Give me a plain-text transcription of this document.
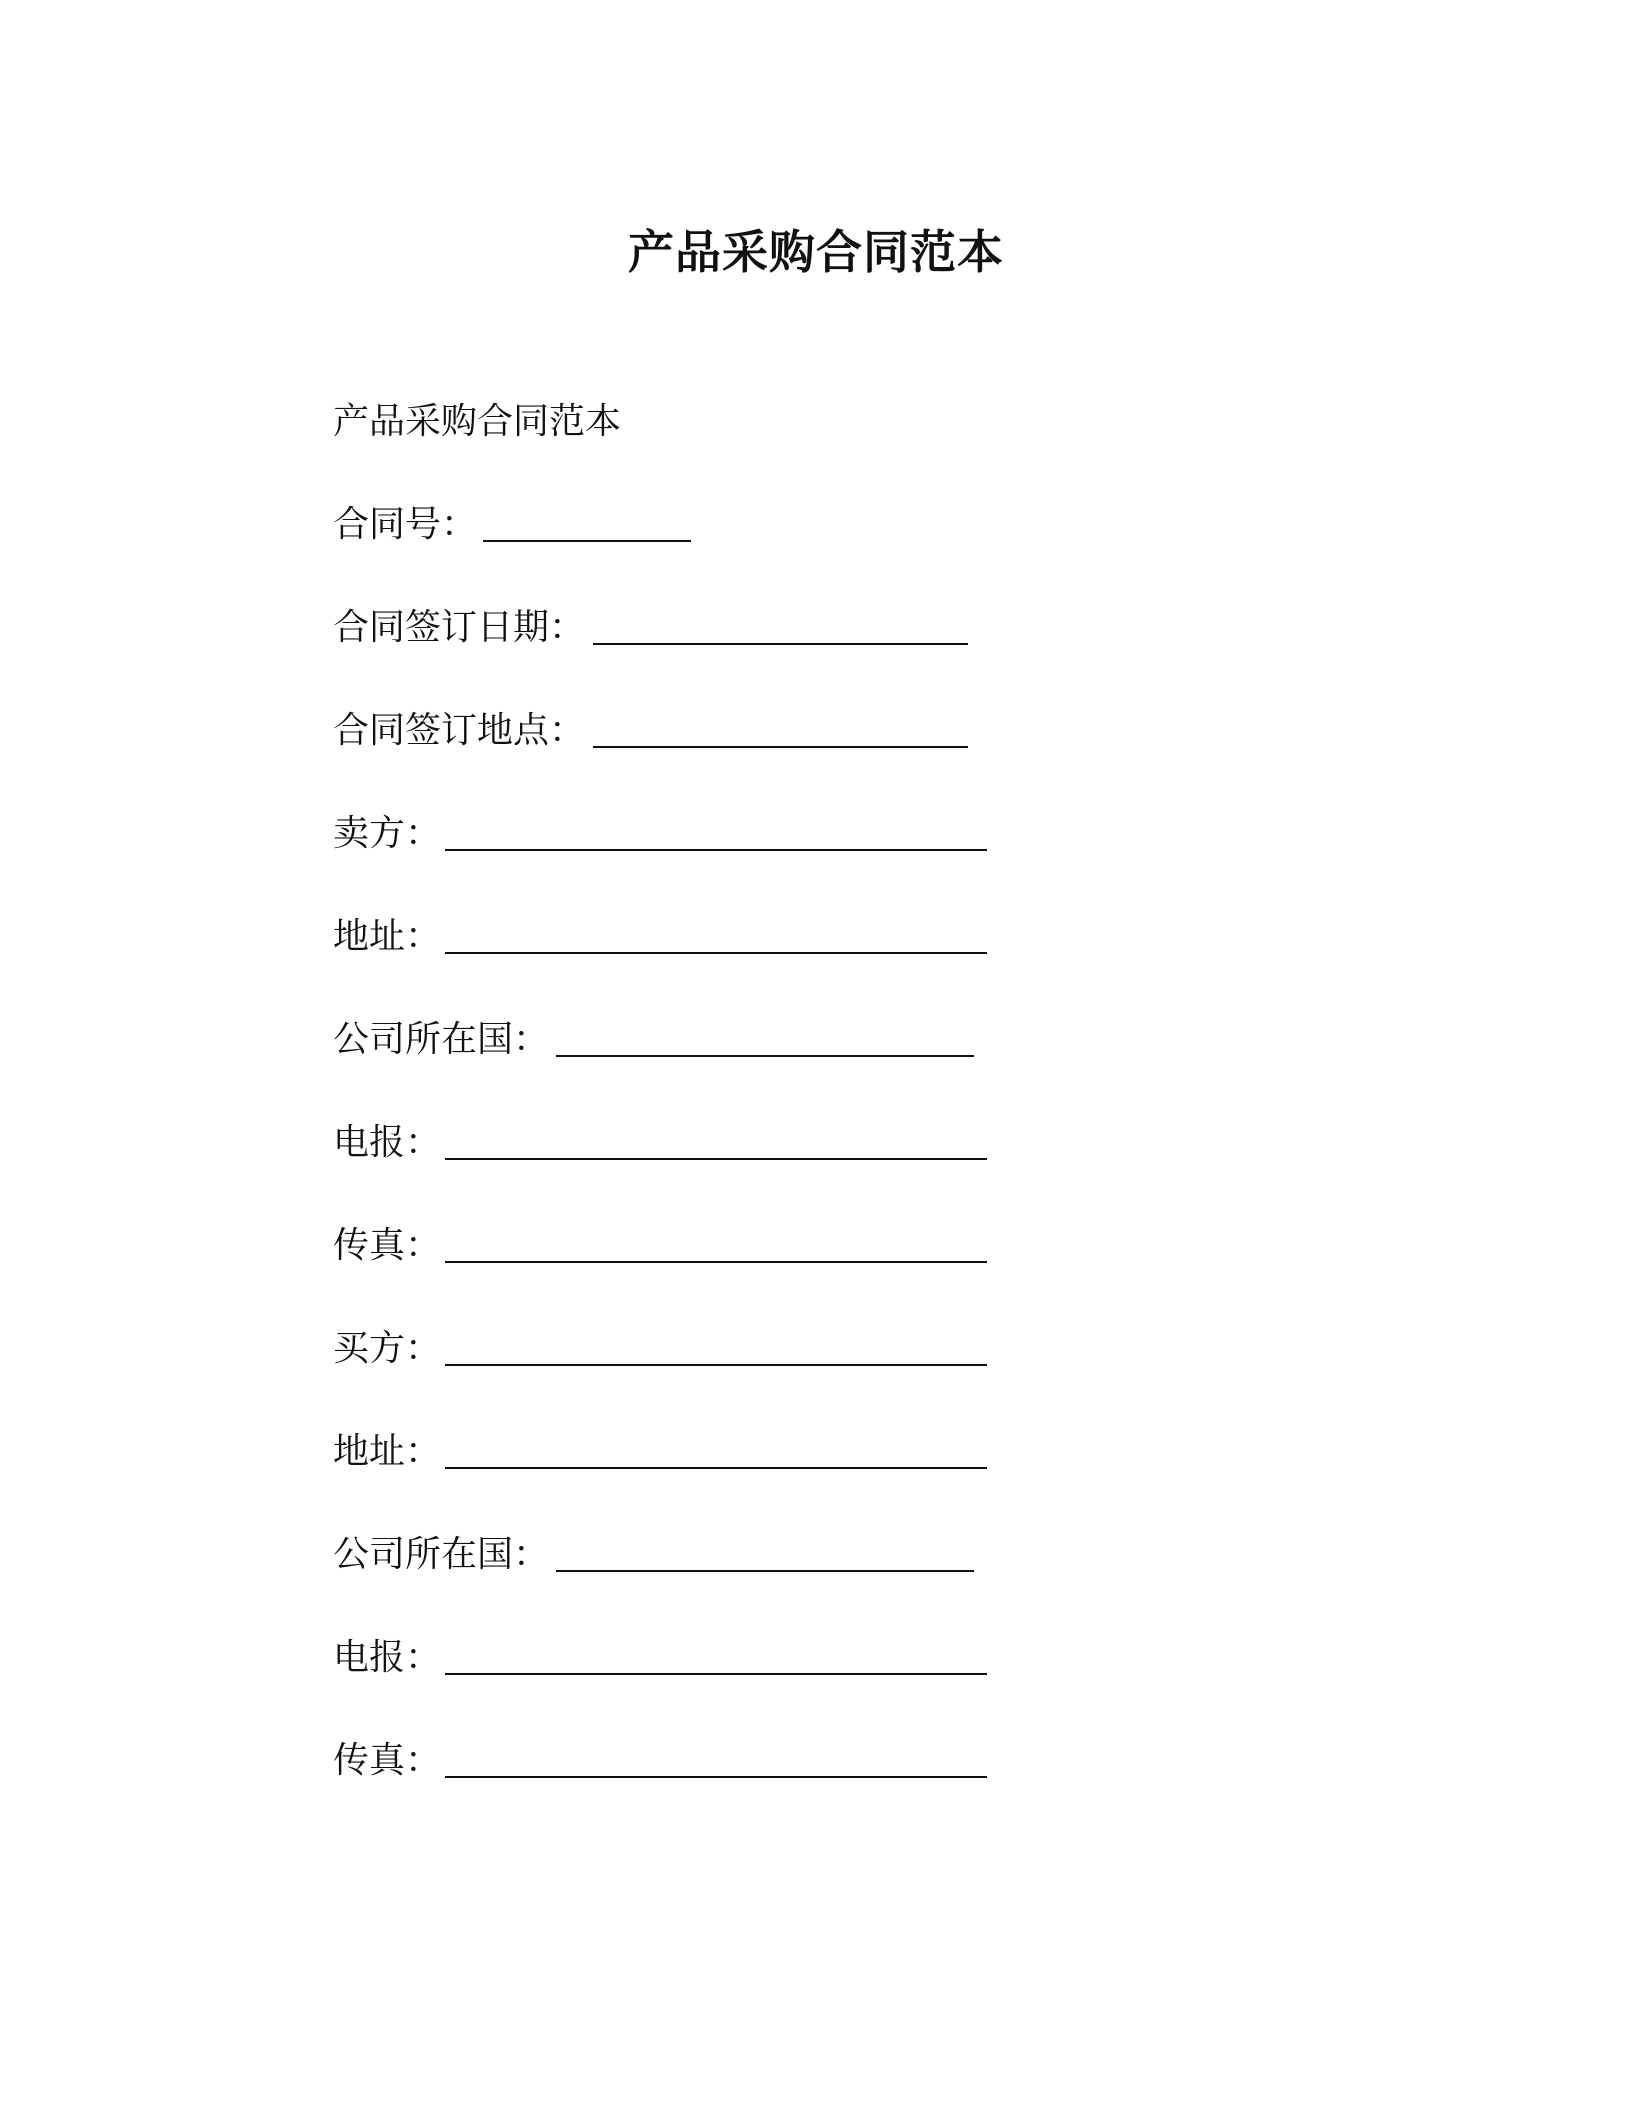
产品采购合同范本
产品采购合同范本
合同号：
合同签订日期：
合同签订地点：
卖方：
地址：
公司所在国：
电报：
传真：
买方：
地址：
公司所在国：
电报：
传真：
